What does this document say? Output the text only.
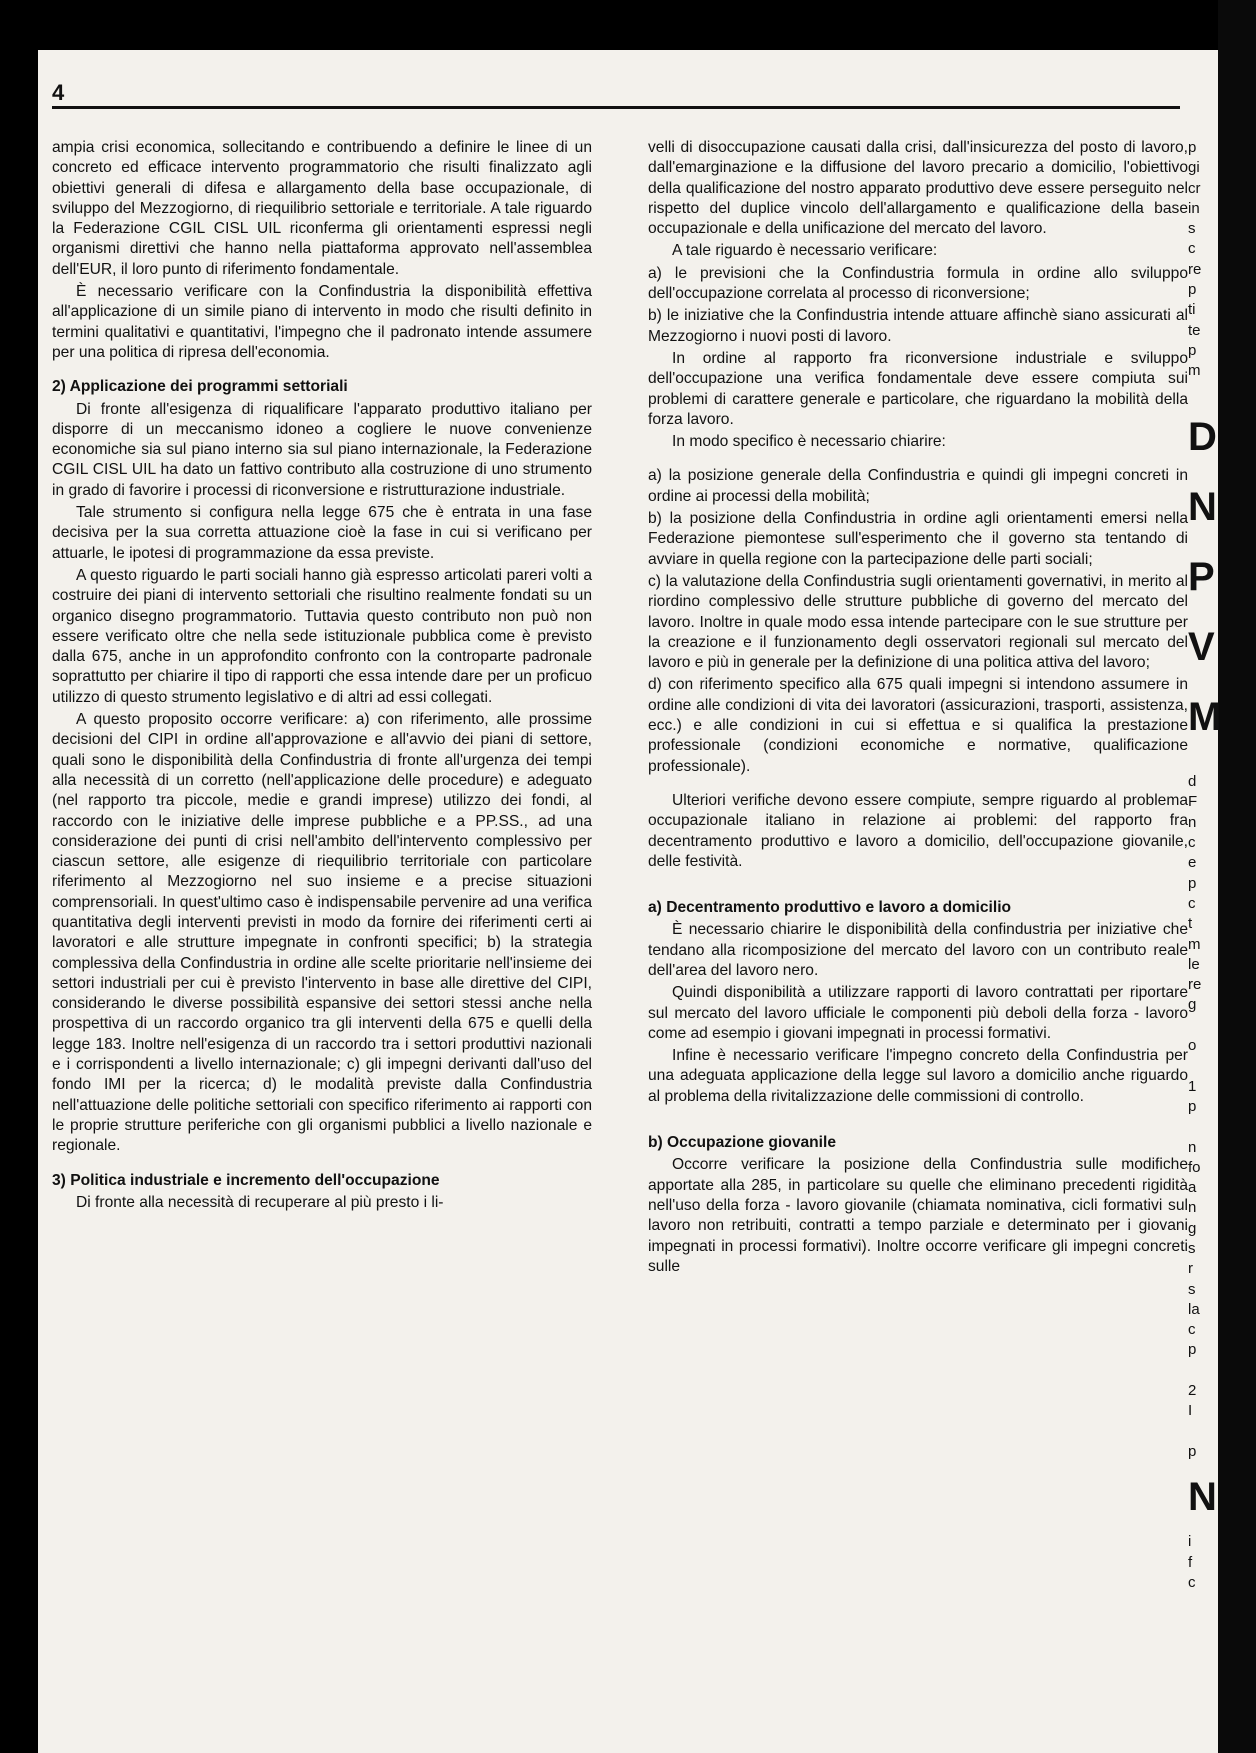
4

ampia crisi economica, sollecitando e contribuendo a definire le linee di un concreto ed efficace intervento programmatorio che risulti finalizzato agli obiettivi generali di difesa e allargamento della base occupazionale, di sviluppo del Mezzogiorno, di riequilibrio settoriale e territoriale. A tale riguardo la Federazione CGIL CISL UIL riconferma gli orientamenti espressi negli organismi direttivi che hanno nella piattaforma approvato nell'assemblea dell'EUR, il loro punto di riferimento fondamentale.

È necessario verificare con la Confindustria la disponibilità effettiva all'applicazione di un simile piano di intervento in modo che risulti definito in termini qualitativi e quantitativi, l'impegno che il padronato intende assumere per una politica di ripresa dell'economia.

2) Applicazione dei programmi settoriali

Di fronte all'esigenza di riqualificare l'apparato produttivo italiano per disporre di un meccanismo idoneo a cogliere le nuove convenienze economiche sia sul piano interno sia sul piano internazionale, la Federazione CGIL CISL UIL ha dato un fattivo contributo alla costruzione di uno strumento in grado di favorire i processi di riconversione e ristrutturazione industriale.

Tale strumento si configura nella legge 675 che è entrata in una fase decisiva per la sua corretta attuazione cioè la fase in cui si verificano per attuarle, le ipotesi di programmazione da essa previste.

A questo riguardo le parti sociali hanno già espresso articolati pareri volti a costruire dei piani di intervento settoriali che risultino realmente fondati su un organico disegno programmatorio. Tuttavia questo contributo non può non essere verificato oltre che nella sede istituzionale pubblica come è previsto dalla 675, anche in un approfondito confronto con la controparte padronale soprattutto per chiarire il tipo di rapporti che essa intende dare per un proficuo utilizzo di questo strumento legislativo e di altri ad essi collegati.

A questo proposito occorre verificare: a) con riferimento, alle prossime decisioni del CIPI in ordine all'approvazione e all'avvio dei piani di settore, quali sono le disponibilità della Confindustria di fronte all'urgenza dei tempi alla necessità di un corretto (nell'applicazione delle procedure) e adeguato (nel rapporto tra piccole, medie e grandi imprese) utilizzo dei fondi, al raccordo con le iniziative delle imprese pubbliche e a PP.SS., ad una considerazione dei punti di crisi nell'ambito dell'intervento complessivo per ciascun settore, alle esigenze di riequilibrio territoriale con particolare riferimento al Mezzogiorno nel suo insieme e a precise situazioni comprensoriali. In quest'ultimo caso è indispensabile pervenire ad una verifica quantitativa degli interventi previsti in modo da fornire dei riferimenti certi ai lavoratori e alle strutture impegnate in confronti specifici; b) la strategia complessiva della Confindustria in ordine alle scelte prioritarie nell'insieme dei settori industriali per cui è previsto l'intervento in base alle direttive del CIPI, considerando le diverse possibilità espansive dei settori stessi anche nella prospettiva di un raccordo organico tra gli interventi della 675 e quelli della legge 183. Inoltre nell'esigenza di un raccordo tra i settori produttivi nazionali e i corrispondenti a livello internazionale; c) gli impegni derivanti dall'uso del fondo IMI per la ricerca; d) le modalità previste dalla Confindustria nell'attuazione delle politiche settoriali con specifico riferimento ai rapporti con le proprie strutture periferiche con gli organismi pubblici a livello nazionale e regionale.

3) Politica industriale e incremento dell'occupazione

Di fronte alla necessità di recuperare al più presto i li-

velli di disoccupazione causati dalla crisi, dall'insicurezza del posto di lavoro, dall'emarginazione e la diffusione del lavoro precario a domicilio, l'obiettivo della qualificazione del nostro apparato produttivo deve essere perseguito nel rispetto del duplice vincolo dell'allargamento e qualificazione della base occupazionale e della unificazione del mercato del lavoro.

A tale riguardo è necessario verificare:

a) le previsioni che la Confindustria formula in ordine allo sviluppo dell'occupazione correlata al processo di riconversione;

b) le iniziative che la Confindustria intende attuare affinchè siano assicurati al Mezzogiorno i nuovi posti di lavoro.

In ordine al rapporto fra riconversione industriale e sviluppo dell'occupazione una verifica fondamentale deve essere compiuta sui problemi di carattere generale e particolare, che riguardano la mobilità della forza lavoro.

In modo specifico è necessario chiarire:

a) la posizione generale della Confindustria e quindi gli impegni concreti in ordine ai processi della mobilità;

b) la posizione della Confindustria in ordine agli orientamenti emersi nella Federazione piemontese sull'esperimento che il governo sta tentando di avviare in quella regione con la partecipazione delle parti sociali;

c) la valutazione della Confindustria sugli orientamenti governativi, in merito al riordino complessivo delle strutture pubbliche di governo del mercato del lavoro. Inoltre in quale modo essa intende partecipare con le sue strutture per la creazione e il funzionamento degli osservatori regionali sul mercato del lavoro e più in generale per la definizione di una politica attiva del lavoro;

d) con riferimento specifico alla 675 quali impegni si intendono assumere in ordine alle condizioni di vita dei lavoratori (assicurazioni, trasporti, assistenza, ecc.) e alle condizioni in cui si effettua e si qualifica la prestazione professionale (condizioni economiche e normative, qualificazione professionale).

Ulteriori verifiche devono essere compiute, sempre riguardo al problema occupazionale italiano in relazione ai problemi: del rapporto fra decentramento produttivo e lavoro a domicilio, dell'occupazione giovanile, delle festività.

a) Decentramento produttivo e lavoro a domicilio

È necessario chiarire le disponibilità della confindustria per iniziative che tendano alla ricomposizione del mercato del lavoro con un contributo reale dell'area del lavoro nero.

Quindi disponibilità a utilizzare rapporti di lavoro contrattati per riportare sul mercato del lavoro ufficiale le componenti più deboli della forza - lavoro come ad esempio i giovani impegnati in processi formativi.

Infine è necessario verificare l'impegno concreto della Confindustria per una adeguata applicazione della legge sul lavoro a domicilio anche riguardo al problema della rivitalizzazione delle commissioni di controllo.

b) Occupazione giovanile

Occorre verificare la posizione della Confindustria sulle modifiche apportate alla 285, in particolare su quelle che eliminano precedenti rigidità nell'uso della forza - lavoro giovanile (chiamata nominativa, cicli formativi sul lavoro non retribuiti, contratti a tempo parziale e determinato per i giovani impegnati in processi formativi). Inoltre occorre verificare gli impegni concreti sulle

p
gi
cr
in
s
c
re
p
ti
te
p
m
D
N
P
V
M
d
F
n
c
e
p
c
t
m
le
re
g
o
1
p
n
fo
a
n
g
s
r
s
la
c
p
2
I
p
N
i
f
c
